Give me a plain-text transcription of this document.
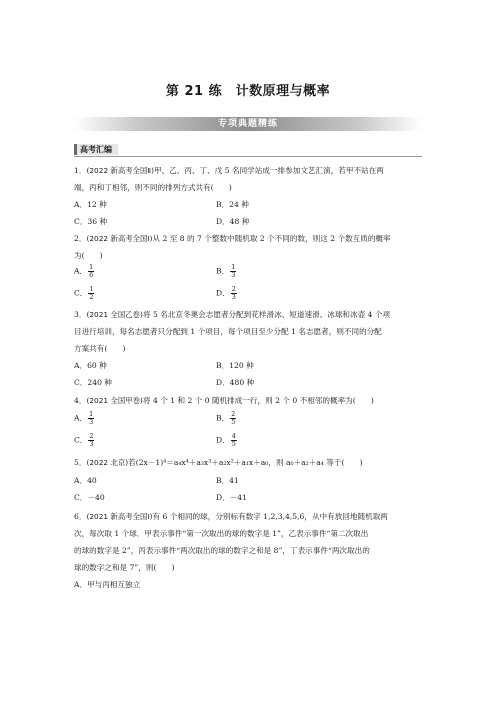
第 21 练　计数原理与概率
专项典题精练
高考汇编
1．(2022 新高考全国Ⅱ)甲、乙、丙、丁、戊 5 名同学站成一排参加文艺汇演，若甲不站在两
端，丙和丁相邻，则不同的排列方式共有(　　)
A．12 种	B．24 种
C．36 种	D．48 种
2．(2022 新高考全国Ⅰ)从 2 至 8 的 7 个整数中随机取 2 个不同的数，则这 2 个数互质的概率
为(　　)
A． $\frac{1}{6}$	B． $\frac{1}{3}$
C． $\frac{1}{2}$	D． $\frac{2}{3}$
3．(2021 全国乙卷)将 5 名北京冬奥会志愿者分配到花样滑冰、短道速滑、冰球和冰壶 4 个项
目进行培训，每名志愿者只分配到 1 个项目，每个项目至少分配 1 名志愿者，则不同的分配
方案共有(　　)
A．60 种	B．120 种
C．240 种	D．480 种
4．(2021 全国甲卷)将 4 个 1 和 2 个 0 随机排成一行，则 2 个 0 不相邻的概率为(　　)
A． $\frac{1}{3}$	B． $\frac{2}{5}$
C． $\frac{2}{3}$	D． $\frac{4}{5}$
5．(2022 北京)若(2x－1)⁴＝a₄x⁴＋a₃x³＋a₂x²＋a₁x＋a₀，则 a₀＋a₂＋a₄ 等于(　　)
A．40	B．41
C．－40	D．－41
6．(2021 新高考全国Ⅰ)有 6 个相同的球，分别标有数字 1,2,3,4,5,6，从中有放回地随机取两
次，每次取 1 个球．甲表示事件“第一次取出的球的数字是 1”，乙表示事件“第二次取出
的球的数字是 2”，丙表示事件“两次取出的球的数字之和是 8”，丁表示事件“两次取出的
球的数字之和是 7”，则(　　)
A．甲与丙相互独立
